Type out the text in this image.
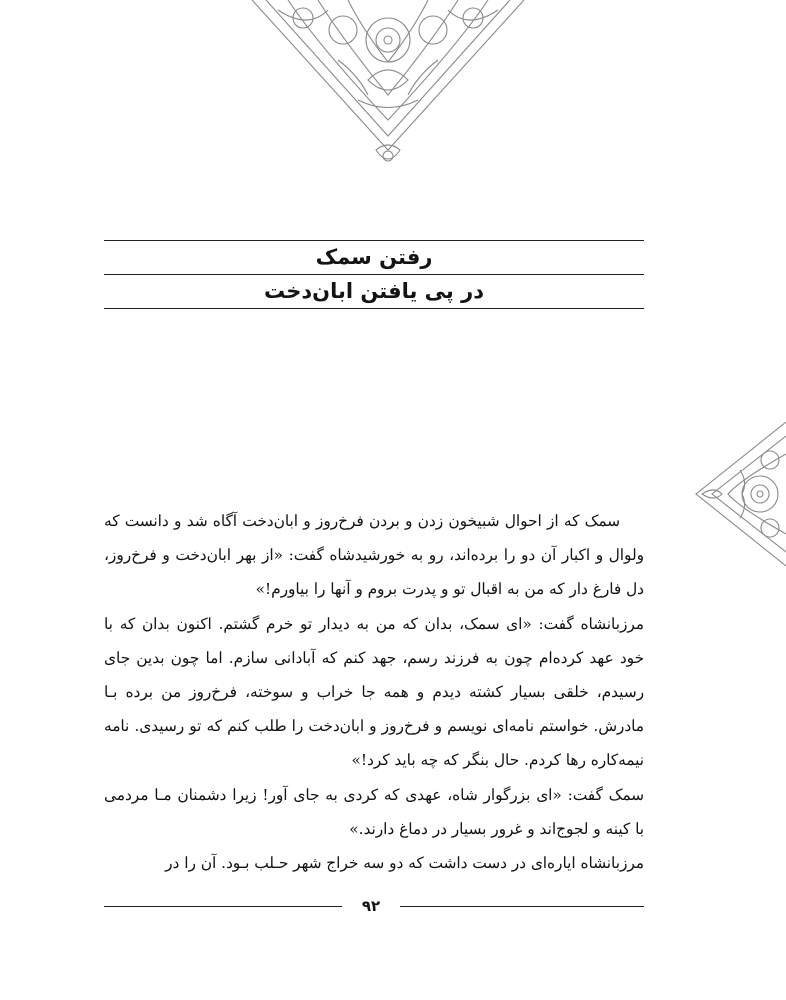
رفتن سمک
در پی یافتن ابان‌دخت

سمک که از احوال شبیخون زدن و بردن فرخ‌روز و ابان‌دخت آگاه شد و دانست که ولوال و اکبار آن دو را برده‌اند، رو به خورشیدشاه گفت: «از بهر ابان‌دخت و فرخ‌روز، دل فارغ دار که من به اقبال تو و پدرت بروم و آنها را بیاورم!»

مرزبانشاه گفت: «ای سمک، بدان که من به دیدار تو خرم گشتم. اکنون بدان که با خود عهد کرده‌ام چون به فرزند رسم، جهد کنم که آبادانی سازم. اما چون بدین جای رسیدم، خلقی بسیار کشته دیدم و همه جا خراب و سوخته، فرخ‌روز من برده بـا مادرش. خواستم نامه‌ای نویسم و فرخ‌روز و ابان‌دخت را طلب کنم که تو رسیدی. نامه نیمه‌کاره رها کردم. حال بنگر که چه باید کرد!»

سمک گفت: «ای بزرگوار شاه، عهدی که کردی به جای آور! زیرا دشمنان مـا مردمی با کینه و لجوج‌اند و غرور بسیار در دماغ دارند.»

مرزبانشاه ایاره‌ای در دست داشت که دو سه خراج شهر حـلب بـود. آن را در

۹۲
